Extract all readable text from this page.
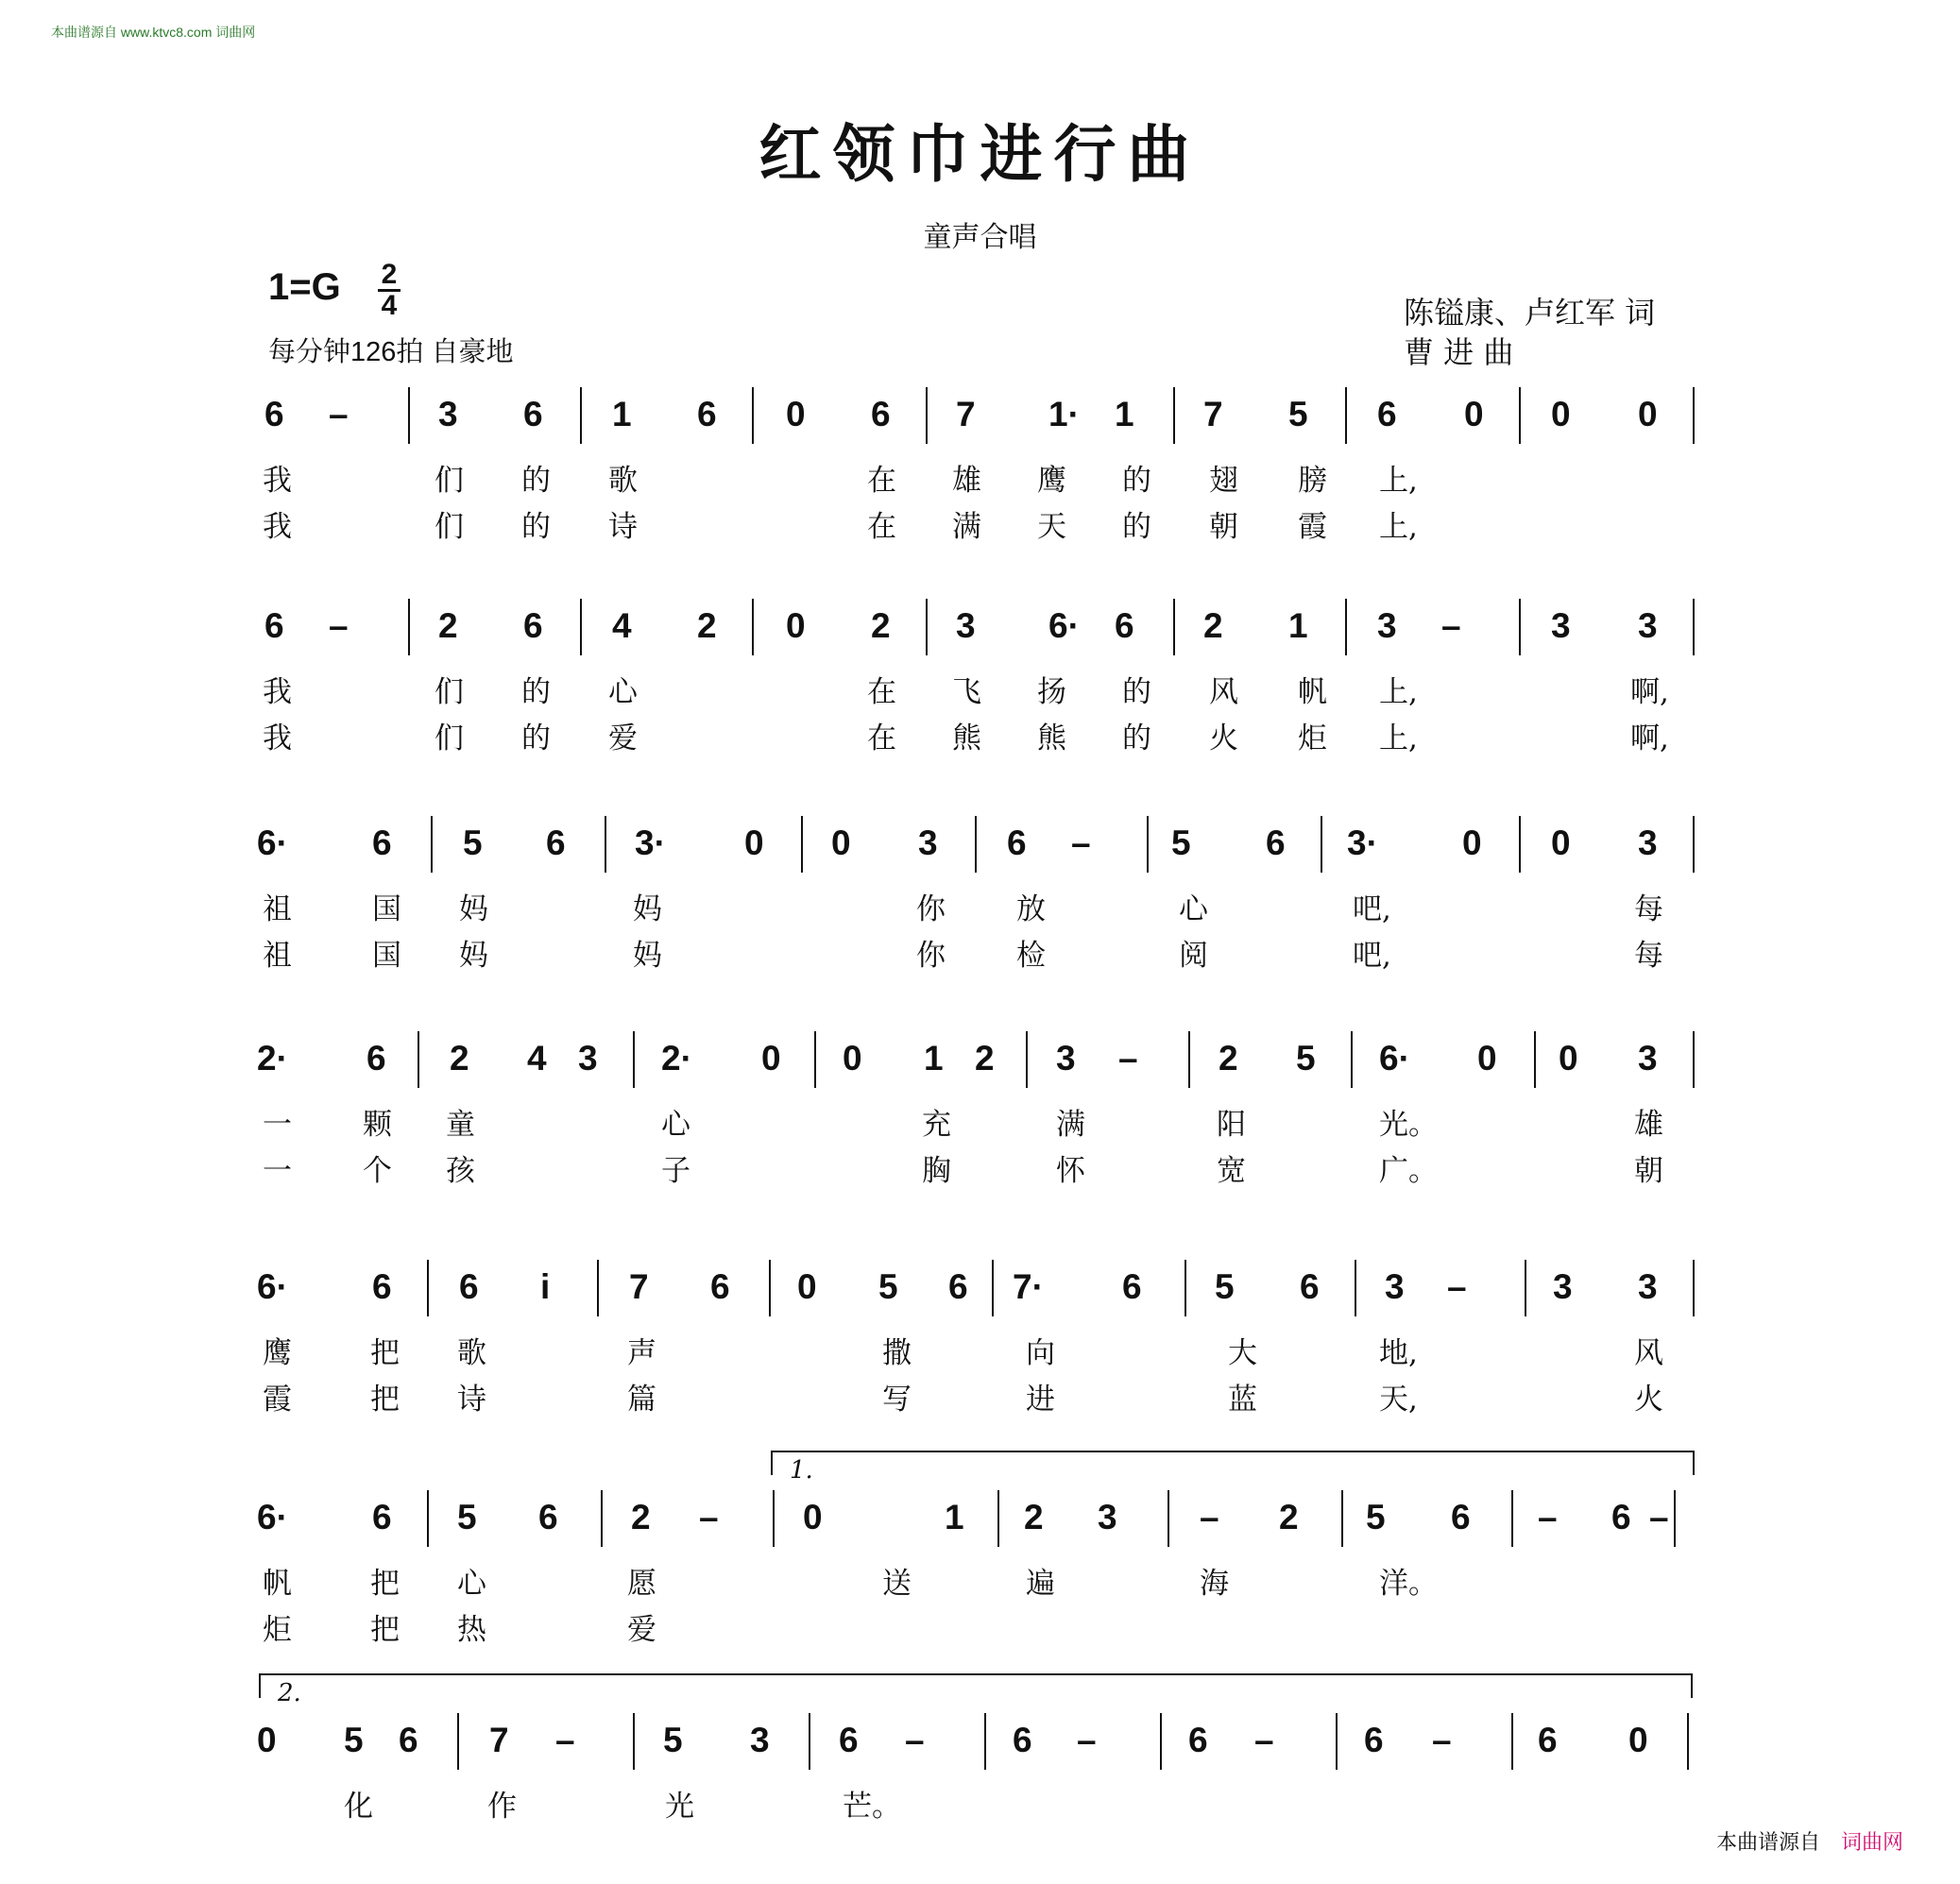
本曲谱源自 www.ktvc8.com 词曲网
红领巾进行曲
童声合唱
1=G 2
4
每分钟126拍 自豪地
陈镒康、卢红军 词
曹 进 曲
6 –	3 6 1 6 0 6 7 1· 1 7 5 6 0 0 0
我	们 的 歌	在 雄 鹰 的 翅 膀 上,
我	们 的 诗	在 满 天 的 朝 霞 上,
6 –	2 6 4 2 0 2 3 6· 6 2 1 3 –	3 3
我	们 的 心	在 飞 扬 的 风 帆 上,	啊,
我	们 的 爱	在 熊 熊 的 火 炬 上,	啊,
6· 6 5 6 3· 0 0 3 6 – 5 6 3· 0 0 3
祖	国 妈	妈	你 放	心	吧,	每
祖	国 妈	妈	你 检	阅	吧,	每
2· 6 2 4 3 2· 0 0 1 2 3 – 2 5 6· 0 0 3
一 颗 童	心	充	满	阳	光。	雄
一 个 孩	子	胸	怀	宽	广。	朝
6· 6 6 i 7 6 0 5 6 7· 6 5 6 3 – 3 3
鹰	把 歌	声	撒	向	大	地,	风
霞	把 诗	篇	写	进	蓝	天,	火
6· 6 5 6 2 – 0	1 2 3 – 2 5 6 – 6 –
帆	把 心	愿	送	遍	海	洋。
炬	把 热	爱
1.
0 5 6 7 –	5 3 6 –	6 –	6 –	6 – 6 0
化	作	光	芒。
2.
本曲谱源自 词曲网
